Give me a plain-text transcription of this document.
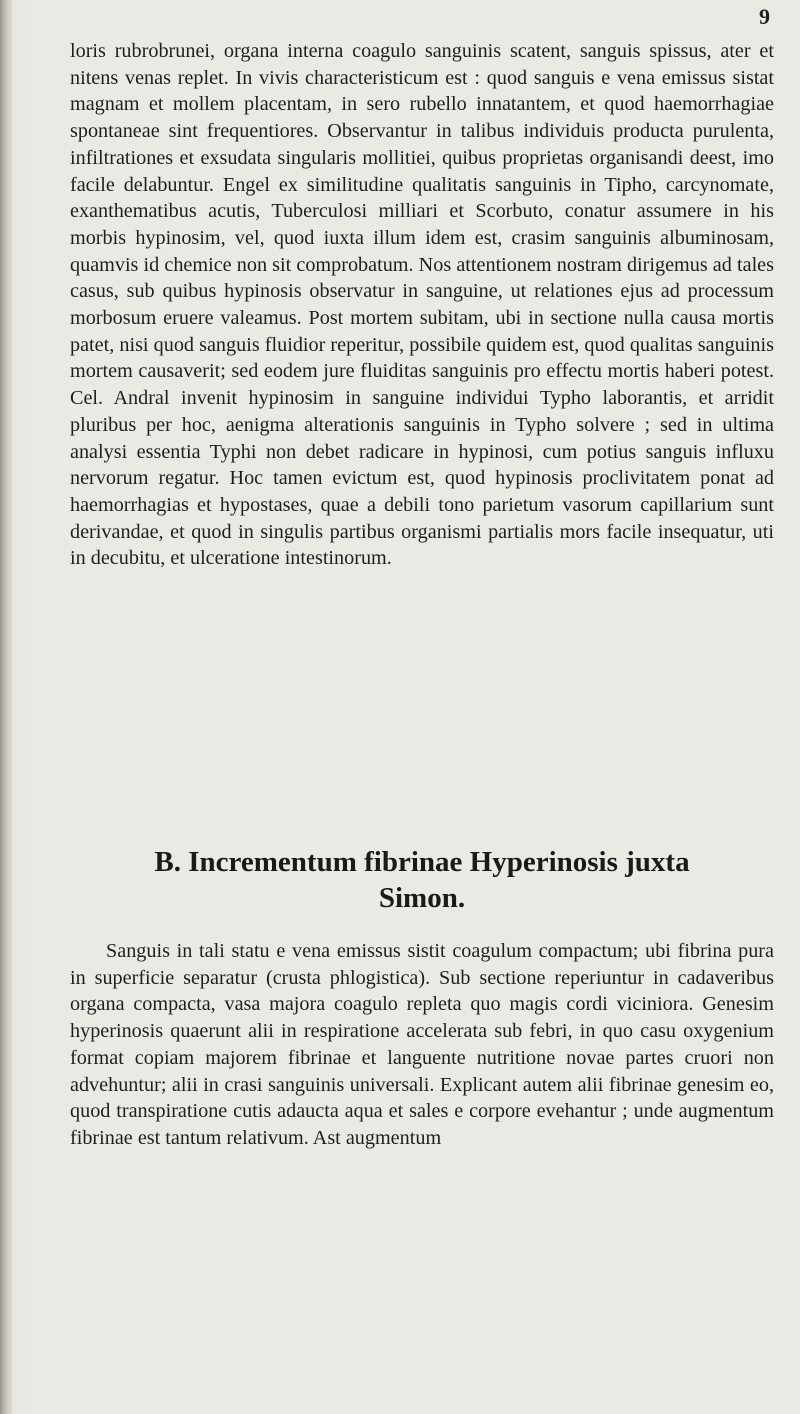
9

loris rubrobrunei, organa interna coagulo sanguinis scatent, sanguis spissus, ater et nitens venas replet. In vivis characteristicum est : quod sanguis e vena emissus sistat magnam et mollem placentam, in sero rubello innatantem, et quod haemorrhagiae spontaneae sint frequentiores. Observantur in talibus individuis producta purulenta, infiltrationes et exsudata singularis mollitiei, quibus proprietas organisandi deest, imo facile delabuntur. Engel ex similitudine qualitatis sanguinis in Tipho, carcynomate, exanthematibus acutis, Tuberculosi milliari et Scorbuto, conatur assumere in his morbis hypinosim, vel, quod iuxta illum idem est, crasim sanguinis albuminosam, quamvis id chemice non sit comprobatum. Nos attentionem nostram dirigemus ad tales casus, sub quibus hypinosis observatur in sanguine, ut relationes ejus ad processum morbosum eruere valeamus. Post mortem subitam, ubi in sectione nulla causa mortis patet, nisi quod sanguis fluidior reperitur, possibile quidem est, quod qualitas sanguinis mortem causaverit; sed eodem jure fluiditas sanguinis pro effectu mortis haberi potest. Cel. Andral invenit hypinosim in sanguine individui Typho laborantis, et arridit pluribus per hoc, aenigma alterationis sanguinis in Typho solvere ; sed in ultima analysi essentia Typhi non debet radicare in hypinosi, cum potius sanguis influxu nervorum regatur. Hoc tamen evictum est, quod hypinosis proclivitatem ponat ad haemorrhagias et hypostases, quae a debili tono parietum vasorum capillarium sunt derivandae, et quod in singulis partibus organismi partialis mors facile insequatur, uti in decubitu, et ulceratione intestinorum.

B. Incrementum fibrinae Hyperinosis juxta
Simon.

Sanguis in tali statu e vena emissus sistit coagulum compactum; ubi fibrina pura in superficie separatur (crusta phlogistica). Sub sectione reperiuntur in cadaveribus organa compacta, vasa majora coagulo repleta quo magis cordi viciniora. Genesim hyperinosis quaerunt alii in respiratione accelerata sub febri, in quo casu oxygenium format copiam majorem fibrinae et languente nutritione novae partes cruori non advehuntur; alii in crasi sanguinis universali. Explicant autem alii fibrinae genesim eo, quod transpiratione cutis adaucta aqua et sales e corpore evehantur ; unde augmentum fibrinae est tantum relativum. Ast augmentum
